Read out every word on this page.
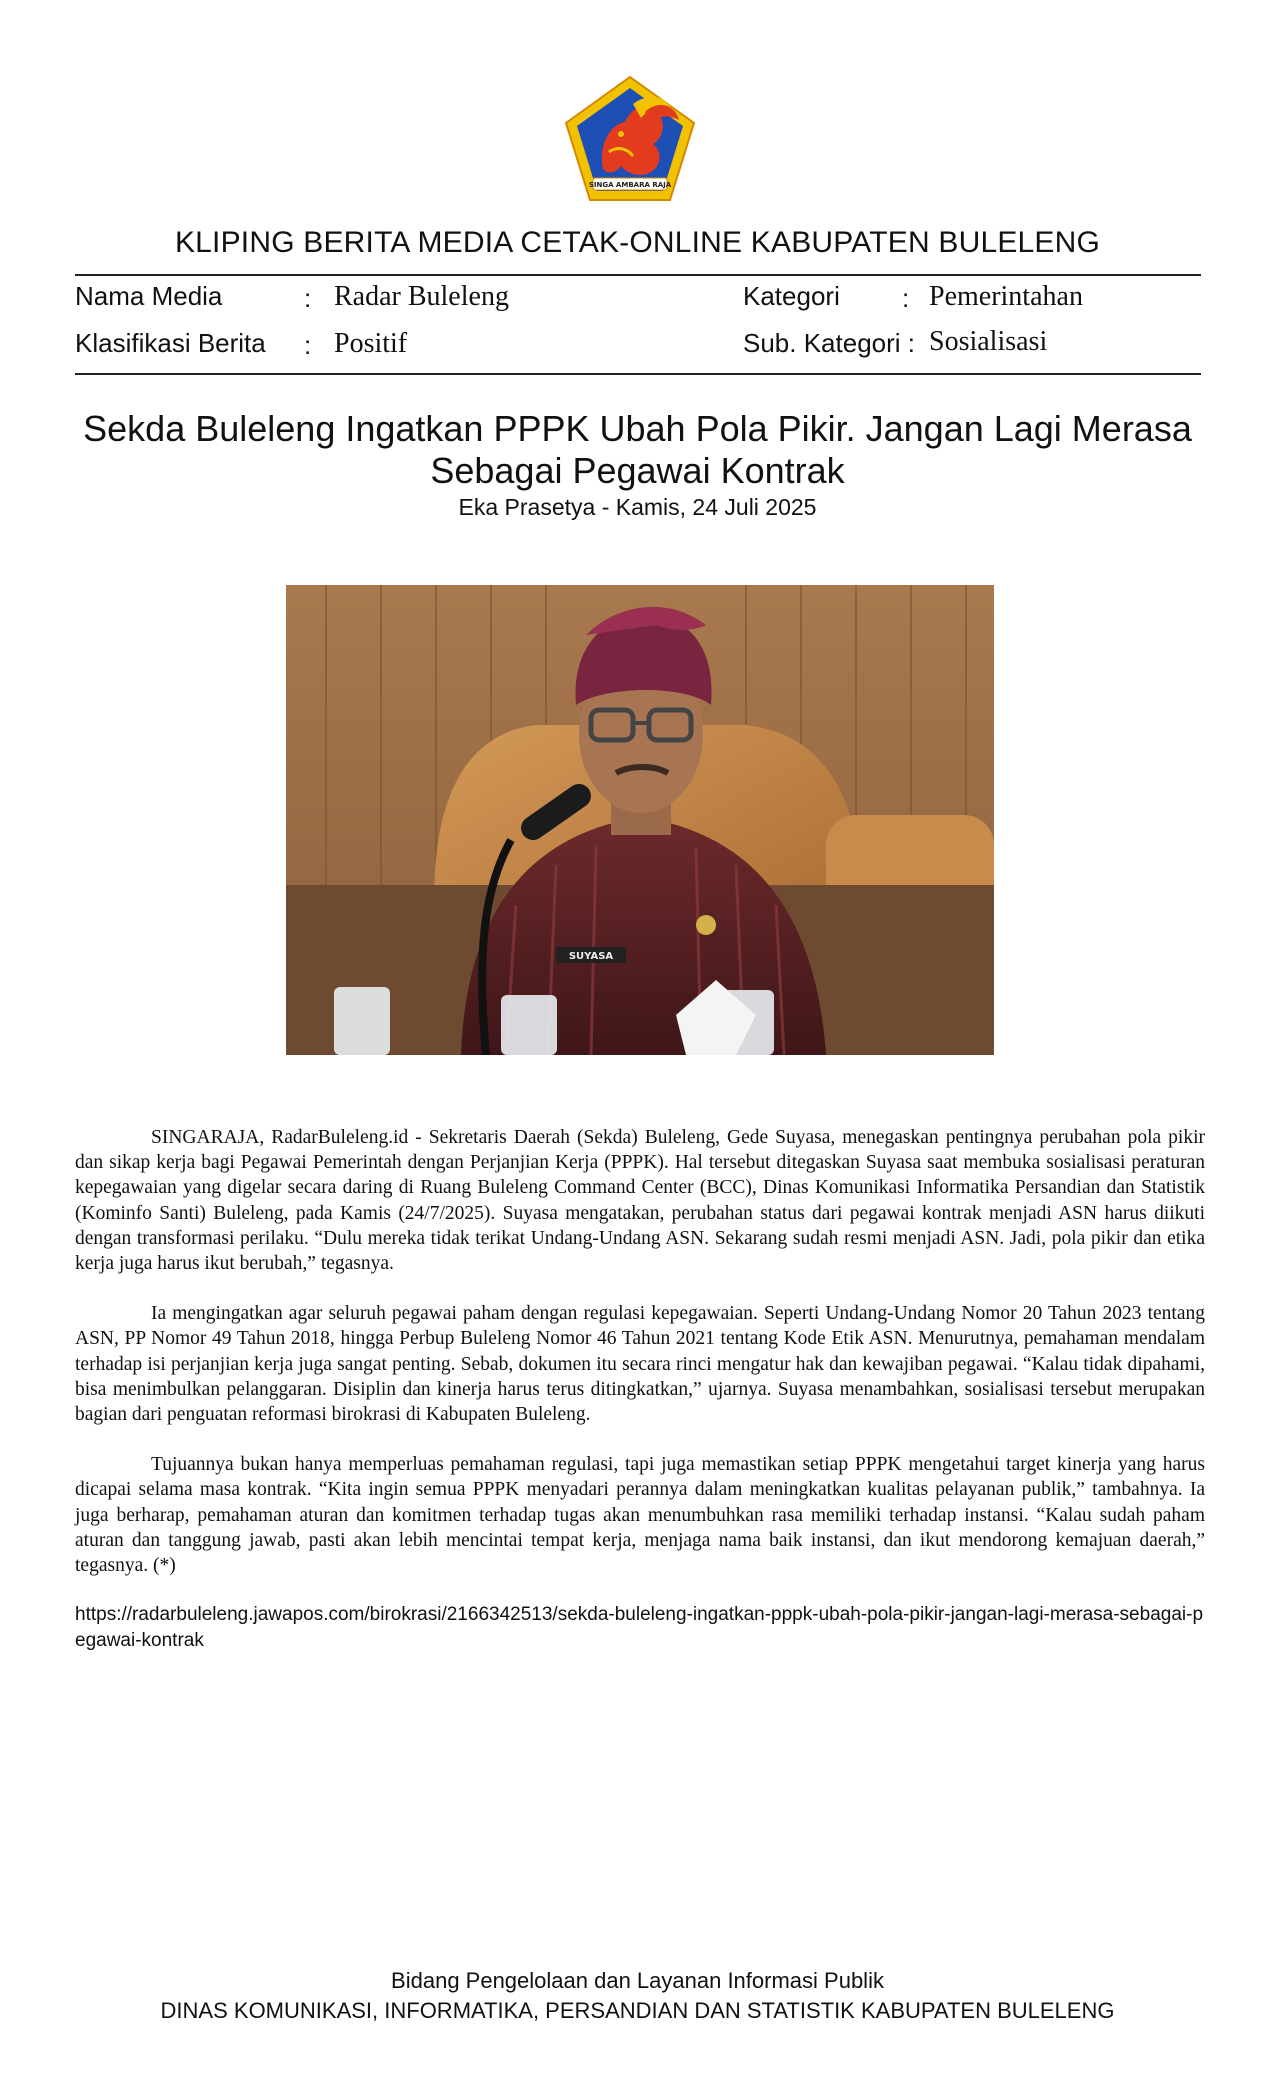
SINGA AMBARA RAJA
KLIPING BERITA MEDIA CETAK-ONLINE KABUPATEN BULELENG
Nama Media	: Radar Buleleng
Klasifikasi Berita : Positif
Kategori : Pemerintahan
Sub. Kategori : Sosialisasi
Sekda Buleleng Ingatkan PPPK Ubah Pola Pikir. Jangan Lagi Merasa Sebagai Pegawai Kontrak
Eka Prasetya - Kamis, 24 Juli 2025
SUYASA

SINGARAJA, RadarBuleleng.id - Sekretaris Daerah (Sekda) Buleleng, Gede Suyasa, menegaskan pentingnya perubahan pola pikir dan sikap kerja bagi Pegawai Pemerintah dengan Perjanjian Kerja (PPPK). Hal tersebut ditegaskan Suyasa saat membuka sosialisasi peraturan kepegawaian yang digelar secara daring di Ruang Buleleng Command Center (BCC), Dinas Komunikasi Informatika Persandian dan Statistik (Kominfo Santi) Buleleng, pada Kamis (24/7/2025). Suyasa mengatakan, perubahan status dari pegawai kontrak menjadi ASN harus diikuti dengan transformasi perilaku. “Dulu mereka tidak terikat Undang-Undang ASN. Sekarang sudah resmi menjadi ASN. Jadi, pola pikir dan etika kerja juga harus ikut berubah,” tegasnya.

Ia mengingatkan agar seluruh pegawai paham dengan regulasi kepegawaian. Seperti Undang-Undang Nomor 20 Tahun 2023 tentang ASN, PP Nomor 49 Tahun 2018, hingga Perbup Buleleng Nomor 46 Tahun 2021 tentang Kode Etik ASN. Menurutnya, pemahaman mendalam terhadap isi perjanjian kerja juga sangat penting. Sebab, dokumen itu secara rinci mengatur hak dan kewajiban pegawai. “Kalau tidak dipahami, bisa menimbulkan pelanggaran. Disiplin dan kinerja harus terus ditingkatkan,” ujarnya. Suyasa menambahkan, sosialisasi tersebut merupakan bagian dari penguatan reformasi birokrasi di Kabupaten Buleleng.

Tujuannya bukan hanya memperluas pemahaman regulasi, tapi juga memastikan setiap PPPK mengetahui target kinerja yang harus dicapai selama masa kontrak. “Kita ingin semua PPPK menyadari perannya dalam meningkatkan kualitas pelayanan publik,” tambahnya. Ia juga berharap, pemahaman aturan dan komitmen terhadap tugas akan menumbuhkan rasa memiliki terhadap instansi. “Kalau sudah paham aturan dan tanggung jawab, pasti akan lebih mencintai tempat kerja, menjaga nama baik instansi, dan ikut mendorong kemajuan daerah,” tegasnya. (*)

https://radarbuleleng.jawapos.com/birokrasi/2166342513/sekda-buleleng-ingatkan-pppk-ubah-pola-pikir-jangan-lagi-merasa-sebagai-pegawai-kontrak
Bidang Pengelolaan dan Layanan Informasi Publik
DINAS KOMUNIKASI, INFORMATIKA, PERSANDIAN DAN STATISTIK KABUPATEN BULELENG
